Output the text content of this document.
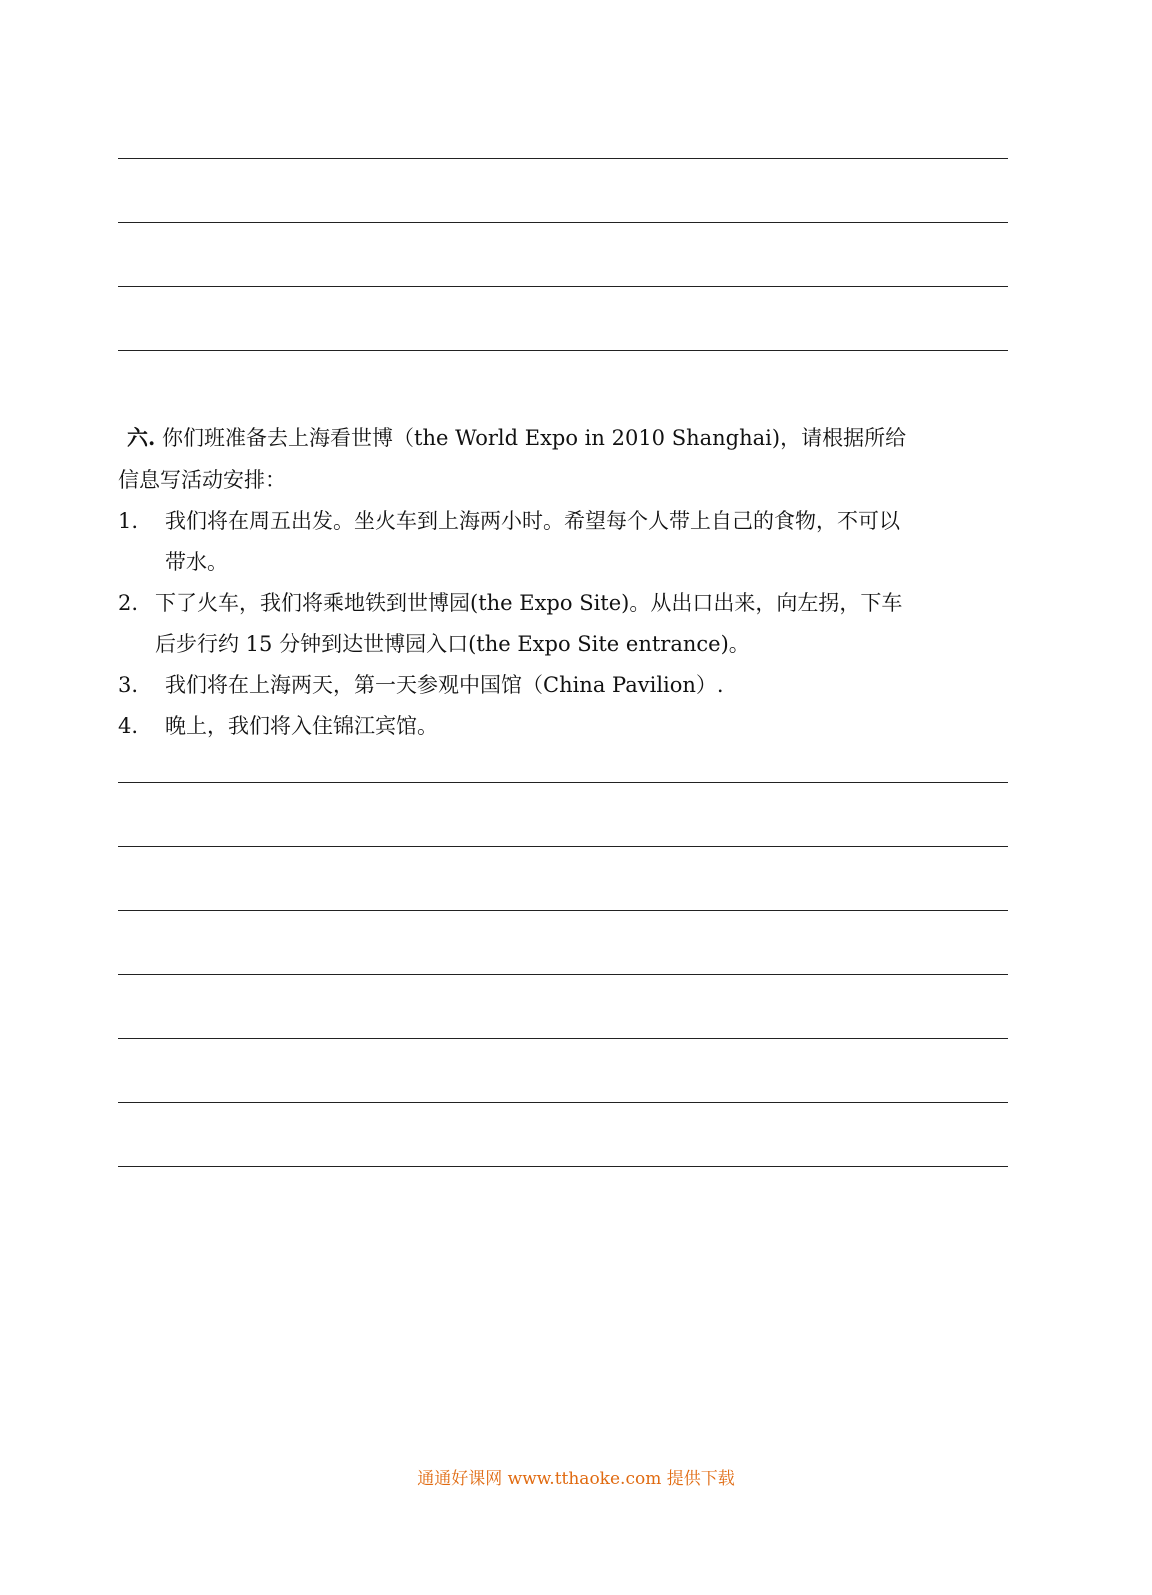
六. 你们班准备去上海看世博（the World Expo in 2010 Shanghai)，请根据所给
信息写活动安排：
1. 我们将在周五出发。坐火车到上海两小时。希望每个人带上自己的食物，不可以
带水。
2. 下了火车，我们将乘地铁到世博园(the Expo Site)。从出口出来，向左拐，下车
后步行约 15 分钟到达世博园入口(the Expo Site entrance)。
3. 我们将在上海两天，第一天参观中国馆（China Pavilion）.
4. 晚上，我们将入住锦江宾馆。
通通好课网 www.tthaoke.com 提供下载
